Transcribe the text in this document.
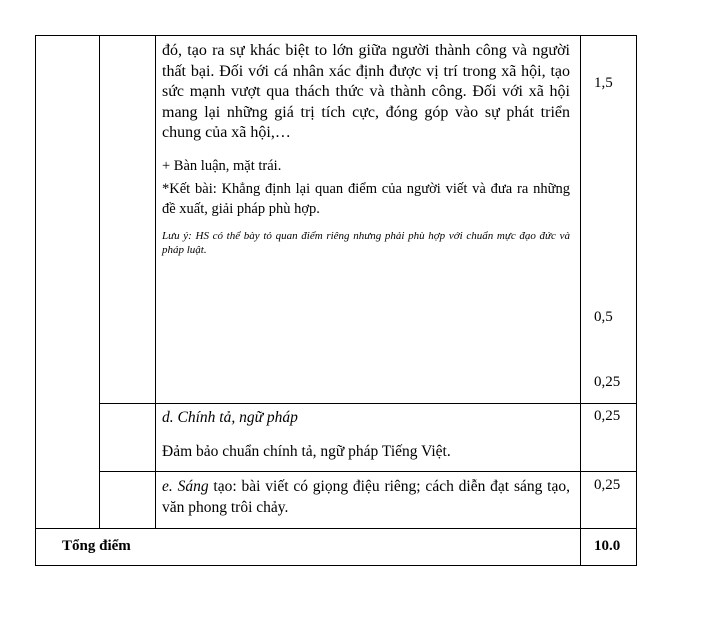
đó, tạo ra sự khác biệt to lớn giữa người thành công và người thất bại. Đối với cá nhân xác định được vị trí trong xã hội, tạo sức mạnh vượt qua thách thức và thành công. Đối với xã hội mang lại những giá trị tích cực, đóng góp vào sự phát triển chung của xã hội,…
+ Bàn luận, mặt trái.
*Kết bài: Khẳng định lại quan điểm của người viết và đưa ra những đề xuất, giải pháp phù hợp.
Lưu ý: HS có thể bày tỏ quan điểm riêng nhưng phải phù hợp với chuẩn mực đạo đức và pháp luật.
1,5
0,5
0,25
d. Chính tả, ngữ pháp
Đảm bảo chuẩn chính tả, ngữ pháp Tiếng Việt.
0,25
e. Sáng tạo: bài viết có giọng điệu riêng; cách diễn đạt sáng tạo, văn phong trôi chảy.
0,25
Tổng điểm	10.0
